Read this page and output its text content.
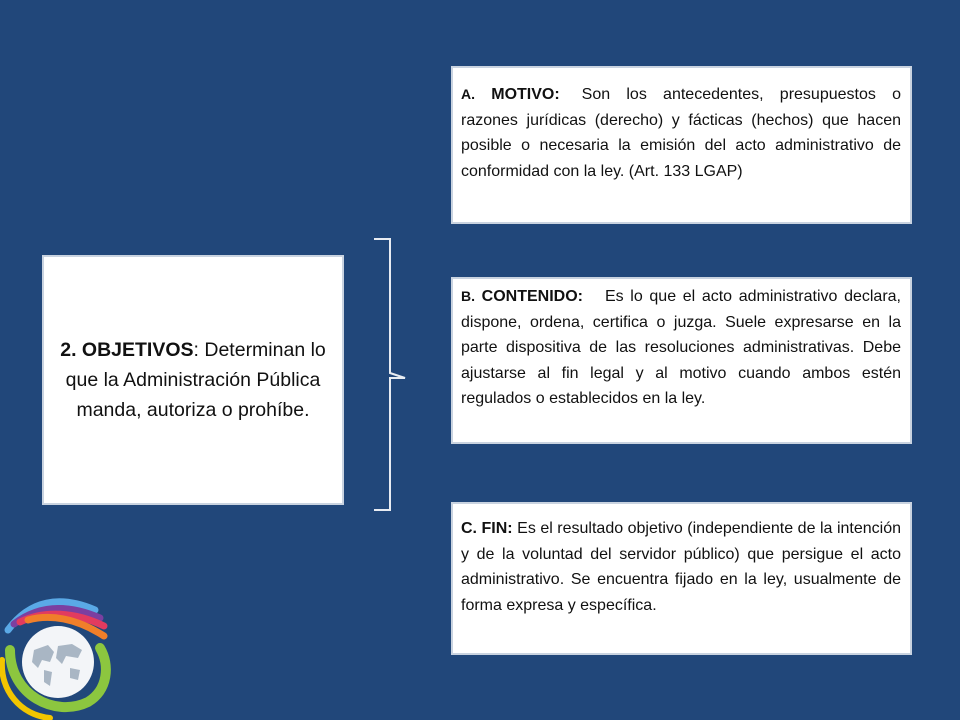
2. OBJETIVOS: Determinan lo que la Administración Pública manda, autoriza o prohíbe.
A. MOTIVO: Son los antecedentes, presupuestos o razones jurídicas (derecho) y fácticas (hechos) que hacen posible o necesaria la emisión del acto administrativo de conformidad con la ley. (Art. 133 LGAP)
B. CONTENIDO: Es lo que el acto administrativo declara, dispone, ordena, certifica o juzga. Suele expresarse en la parte dispositiva de las resoluciones administrativas. Debe ajustarse al fin legal y al motivo cuando ambos estén regulados o establecidos en la ley.
C. FIN: Es el resultado objetivo (independiente de la intención y de la voluntad del servidor público) que persigue el acto administrativo. Se encuentra fijado en la ley, usualmente de forma expresa y específica.
